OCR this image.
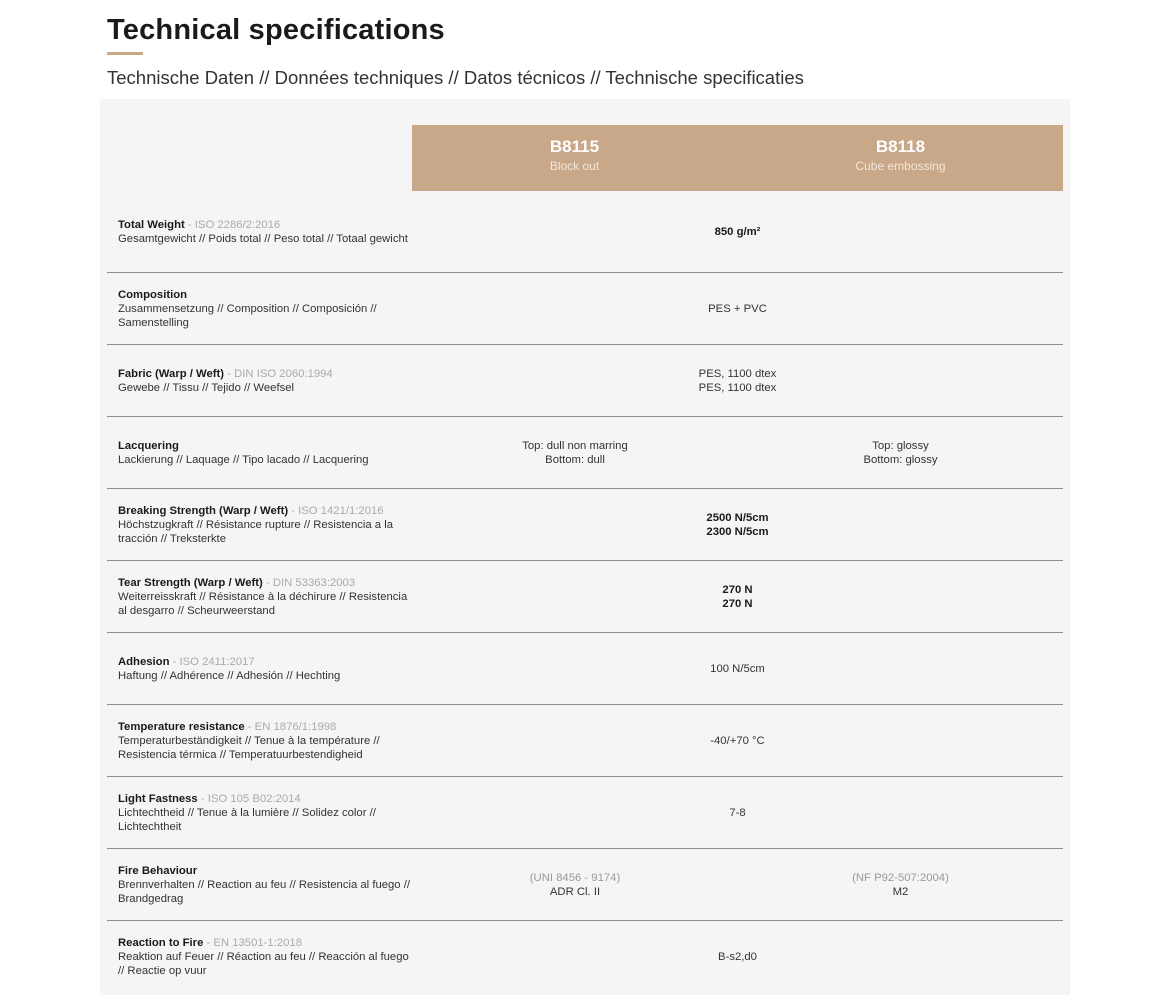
Technical specifications
Technische Daten // Données techniques // Datos técnicos // Technische specificaties
B8115
Block out
B8118
Cube embossing
Total Weight - ISO 2286/2:2016
Gesamtgewicht // Poids total // Peso total // Totaal gewicht
850 g/m²
Composition
Zusammensetzung // Composition // Composición // Samenstelling
PES + PVC
Fabric (Warp / Weft) - DIN ISO 2060:1994
Gewebe // Tissu // Tejido // Weefsel
PES, 1100 dtex
PES, 1100 dtex
Lacquering
Lackierung // Laquage // Tipo lacado // Lacquering
Top: dull non marring
Bottom: dull
Top: glossy
Bottom: glossy
Breaking Strength (Warp / Weft) - ISO 1421/1:2016
Höchstzugkraft // Résistance rupture // Resistencia a la tracción // Treksterkte
2500 N/5cm
2300 N/5cm
Tear Strength (Warp / Weft) - DIN 53363:2003
Weiterreisskraft // Résistance à la déchirure // Resistencia al desgarro // Scheurweerstand
270 N
270 N
Adhesion - ISO 2411:2017
Haftung // Adhérence // Adhesión // Hechting
100 N/5cm
Temperature resistance - EN 1876/1:1998
Temperaturbeständigkeit // Tenue à la température // Resistencia térmica // Temperatuurbestendigheid
-40/+70 °C
Light Fastness - ISO 105 B02:2014
Lichtechtheid // Tenue à la lumière // Solidez color // Lichtechtheit
7-8
Fire Behaviour
Brennverhalten // Reaction au feu // Resistencia al fuego // Brandgedrag
(UNI 8456 - 9174)
ADR Cl. II
(NF P92-507:2004)
M2
Reaction to Fire - EN 13501-1:2018
Reaktion auf Feuer // Réaction au feu // Reacción al fuego // Reactie op vuur
B-s2,d0
